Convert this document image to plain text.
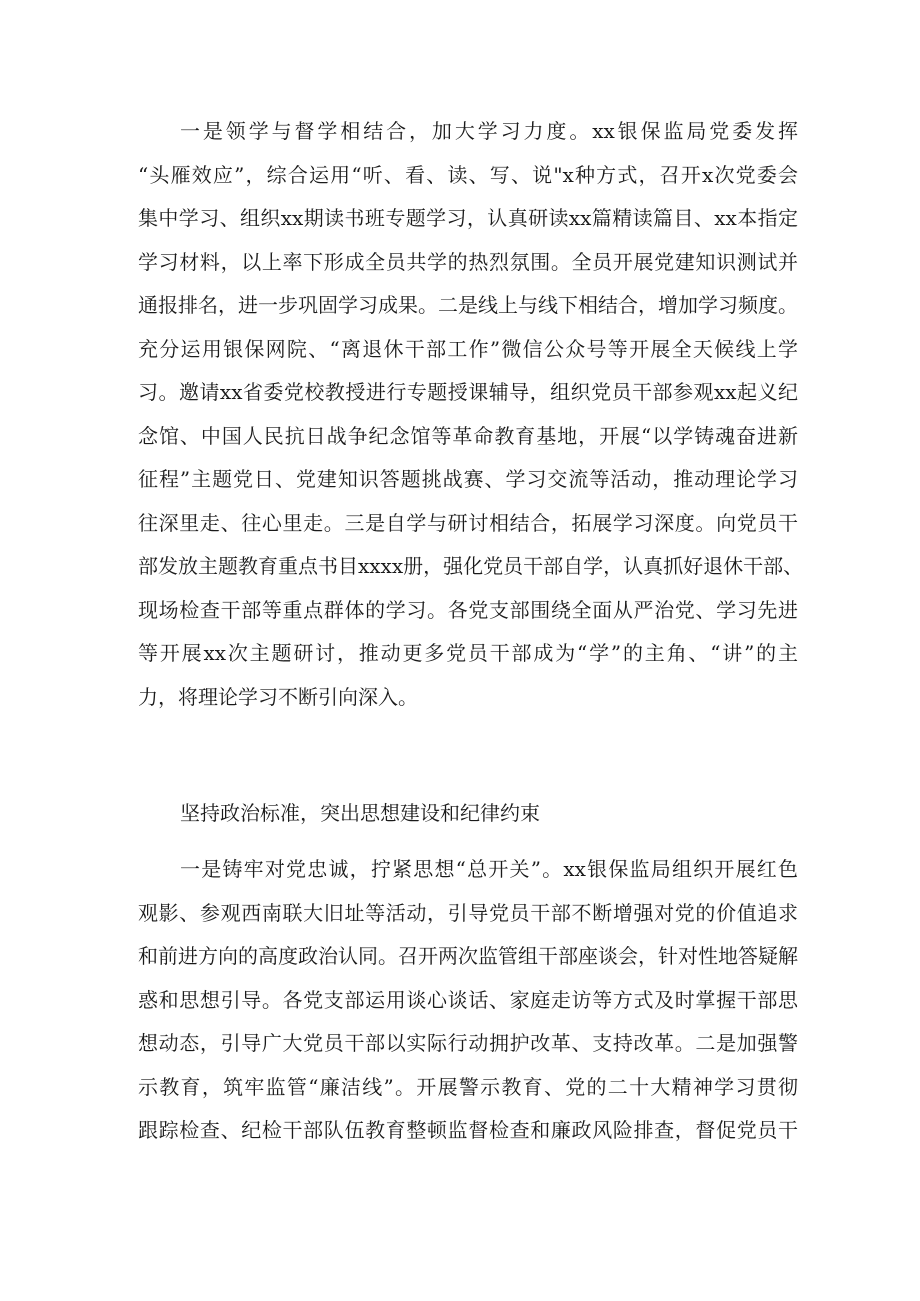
一是领学与督学相结合，加大学习力度。xx银保监局党委发挥
“头雁效应”，综合运用“听、看、读、写、说"x种方式，召开x次党委会
集中学习、组织xx期读书班专题学习，认真研读xx篇精读篇目、xx本指定
学习材料，以上率下形成全员共学的热烈氛围。全员开展党建知识测试并
通报排名，进一步巩固学习成果。二是线上与线下相结合，增加学习频度。
充分运用银保网院、“离退休干部工作”微信公众号等开展全天候线上学
习。邀请xx省委党校教授进行专题授课辅导，组织党员干部参观xx起义纪
念馆、中国人民抗日战争纪念馆等革命教育基地，开展“以学铸魂奋进新
征程”主题党日、党建知识答题挑战赛、学习交流等活动，推动理论学习
往深里走、往心里走。三是自学与研讨相结合，拓展学习深度。向党员干
部发放主题教育重点书目xxxx册，强化党员干部自学，认真抓好退休干部、
现场检查干部等重点群体的学习。各党支部围绕全面从严治党、学习先进
等开展xx次主题研讨，推动更多党员干部成为“学”的主角、“讲”的主
力，将理论学习不断引向深入。
坚持政治标准，突出思想建设和纪律约束
一是铸牢对党忠诚，拧紧思想“总开关”。xx银保监局组织开展红色
观影、参观西南联大旧址等活动，引导党员干部不断增强对党的价值追求
和前进方向的高度政治认同。召开两次监管组干部座谈会，针对性地答疑解
惑和思想引导。各党支部运用谈心谈话、家庭走访等方式及时掌握干部思
想动态，引导广大党员干部以实际行动拥护改革、支持改革。二是加强警
示教育，筑牢监管“廉洁线”。开展警示教育、党的二十大精神学习贯彻
跟踪检查、纪检干部队伍教育整顿监督检查和廉政风险排查，督促党员干
